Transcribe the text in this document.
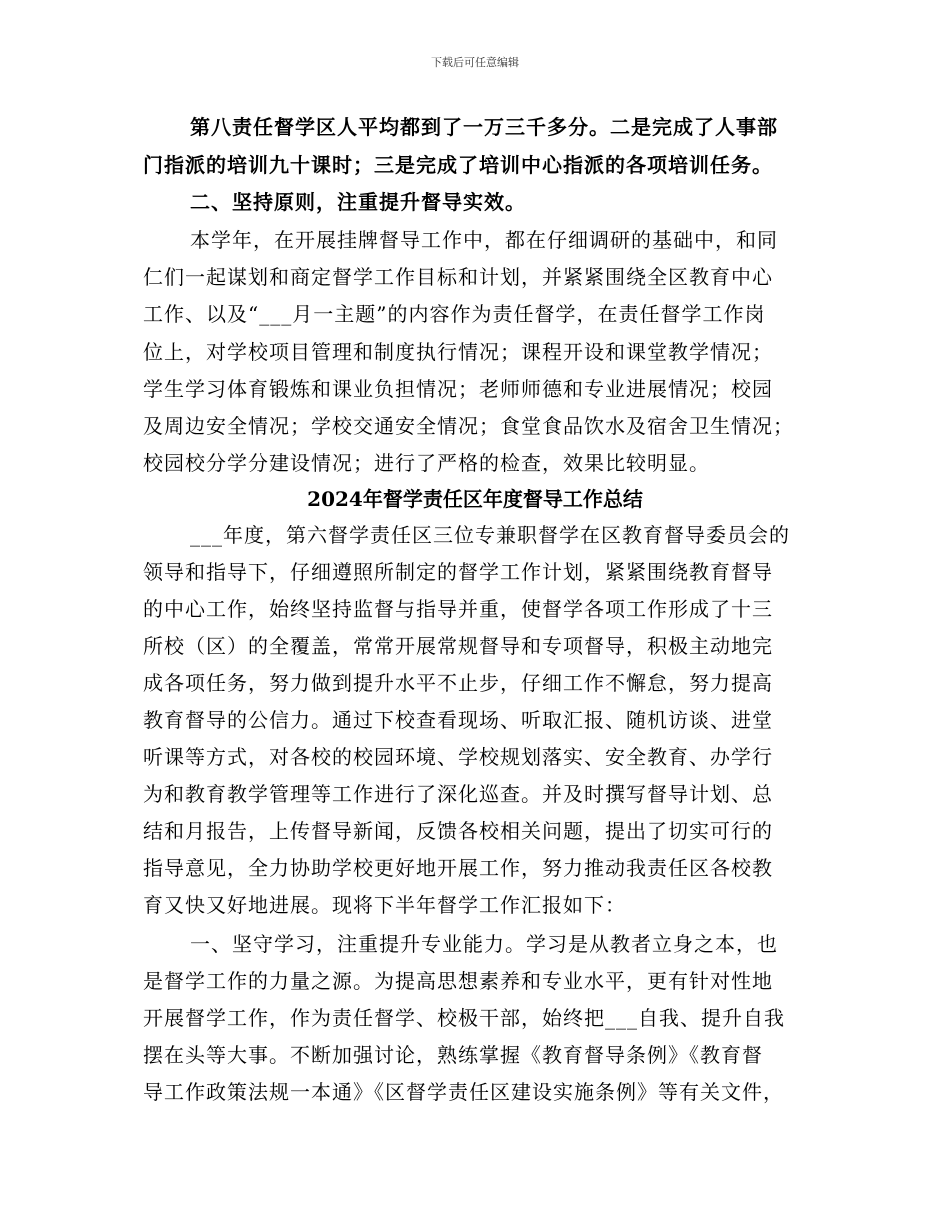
下载后可任意编辑
第八责任督学区人平均都到了一万三千多分。二是完成了人事部
门指派的培训九十课时；三是完成了培训中心指派的各项培训任务。
二、坚持原则，注重提升督导实效。
本学年，在开展挂牌督导工作中，都在仔细调研的基础中，和同
仁们一起谋划和商定督学工作目标和计划，并紧紧围绕全区教育中心
工作、以及“___月一主题”的内容作为责任督学，在责任督学工作岗
位上，对学校项目管理和制度执行情况；课程开设和课堂教学情况；
学生学习体育锻炼和课业负担情况；老师师德和专业进展情况；校园
及周边安全情况；学校交通安全情况；食堂食品饮水及宿舍卫生情况；
校园校分学分建设情况；进行了严格的检查，效果比较明显。
2024年督学责任区年度督导工作总结
___年度，第六督学责任区三位专兼职督学在区教育督导委员会的
领导和指导下，仔细遵照所制定的督学工作计划，紧紧围绕教育督导
的中心工作，始终坚持监督与指导并重，使督学各项工作形成了十三
所校（区）的全覆盖，常常开展常规督导和专项督导，积极主动地完
成各项任务，努力做到提升水平不止步，仔细工作不懈怠，努力提高
教育督导的公信力。通过下校查看现场、听取汇报、随机访谈、进堂
听课等方式，对各校的校园环境、学校规划落实、安全教育、办学行
为和教育教学管理等工作进行了深化巡查。并及时撰写督导计划、总
结和月报告，上传督导新闻，反馈各校相关问题，提出了切实可行的
指导意见，全力协助学校更好地开展工作，努力推动我责任区各校教
育又快又好地进展。现将下半年督学工作汇报如下：
一、坚守学习，注重提升专业能力。学习是从教者立身之本，也
是督学工作的力量之源。为提高思想素养和专业水平，更有针对性地
开展督学工作，作为责任督学、校极干部，始终把___自我、提升自我
摆在头等大事。不断加强讨论，熟练掌握《教育督导条例》《教育督
导工作政策法规一本通》《区督学责任区建设实施条例》等有关文件，
